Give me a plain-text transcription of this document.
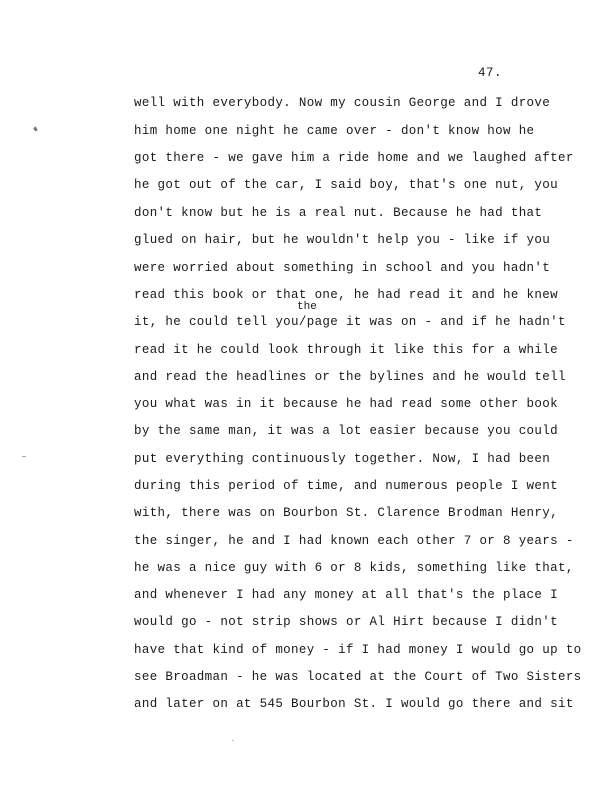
47.
well with everybody. Now my cousin George and I drove
him home one night he came over - don't know how he
got there - we gave him a ride home and we laughed after
he got out of the car, I said boy, that's one nut, you
don't know but he is a real nut. Because he had that
glued on hair, but he wouldn't help you - like if you
were worried about something in school and you hadn't
read this book or that one, he had read it and he knew
the
it, he could tell you/page it was on - and if he hadn't
read it he could look through it like this for a while
and read the headlines or the bylines and he would tell
you what was in it because he had read some other book
by the same man, it was a lot easier because you could
put everything continuously together. Now, I had been
during this period of time, and numerous people I went
with, there was on Bourbon St. Clarence Brodman Henry,
the singer, he and I had known each other 7 or 8 years -
he was a nice guy with 6 or 8 kids, something like that,
and whenever I had any money at all that's the place I
would go - not strip shows or Al Hirt because I didn't
have that kind of money - if I had money I would go up to
see Broadman - he was located at the Court of Two Sisters
and later on at 545 Bourbon St. I would go there and sit
